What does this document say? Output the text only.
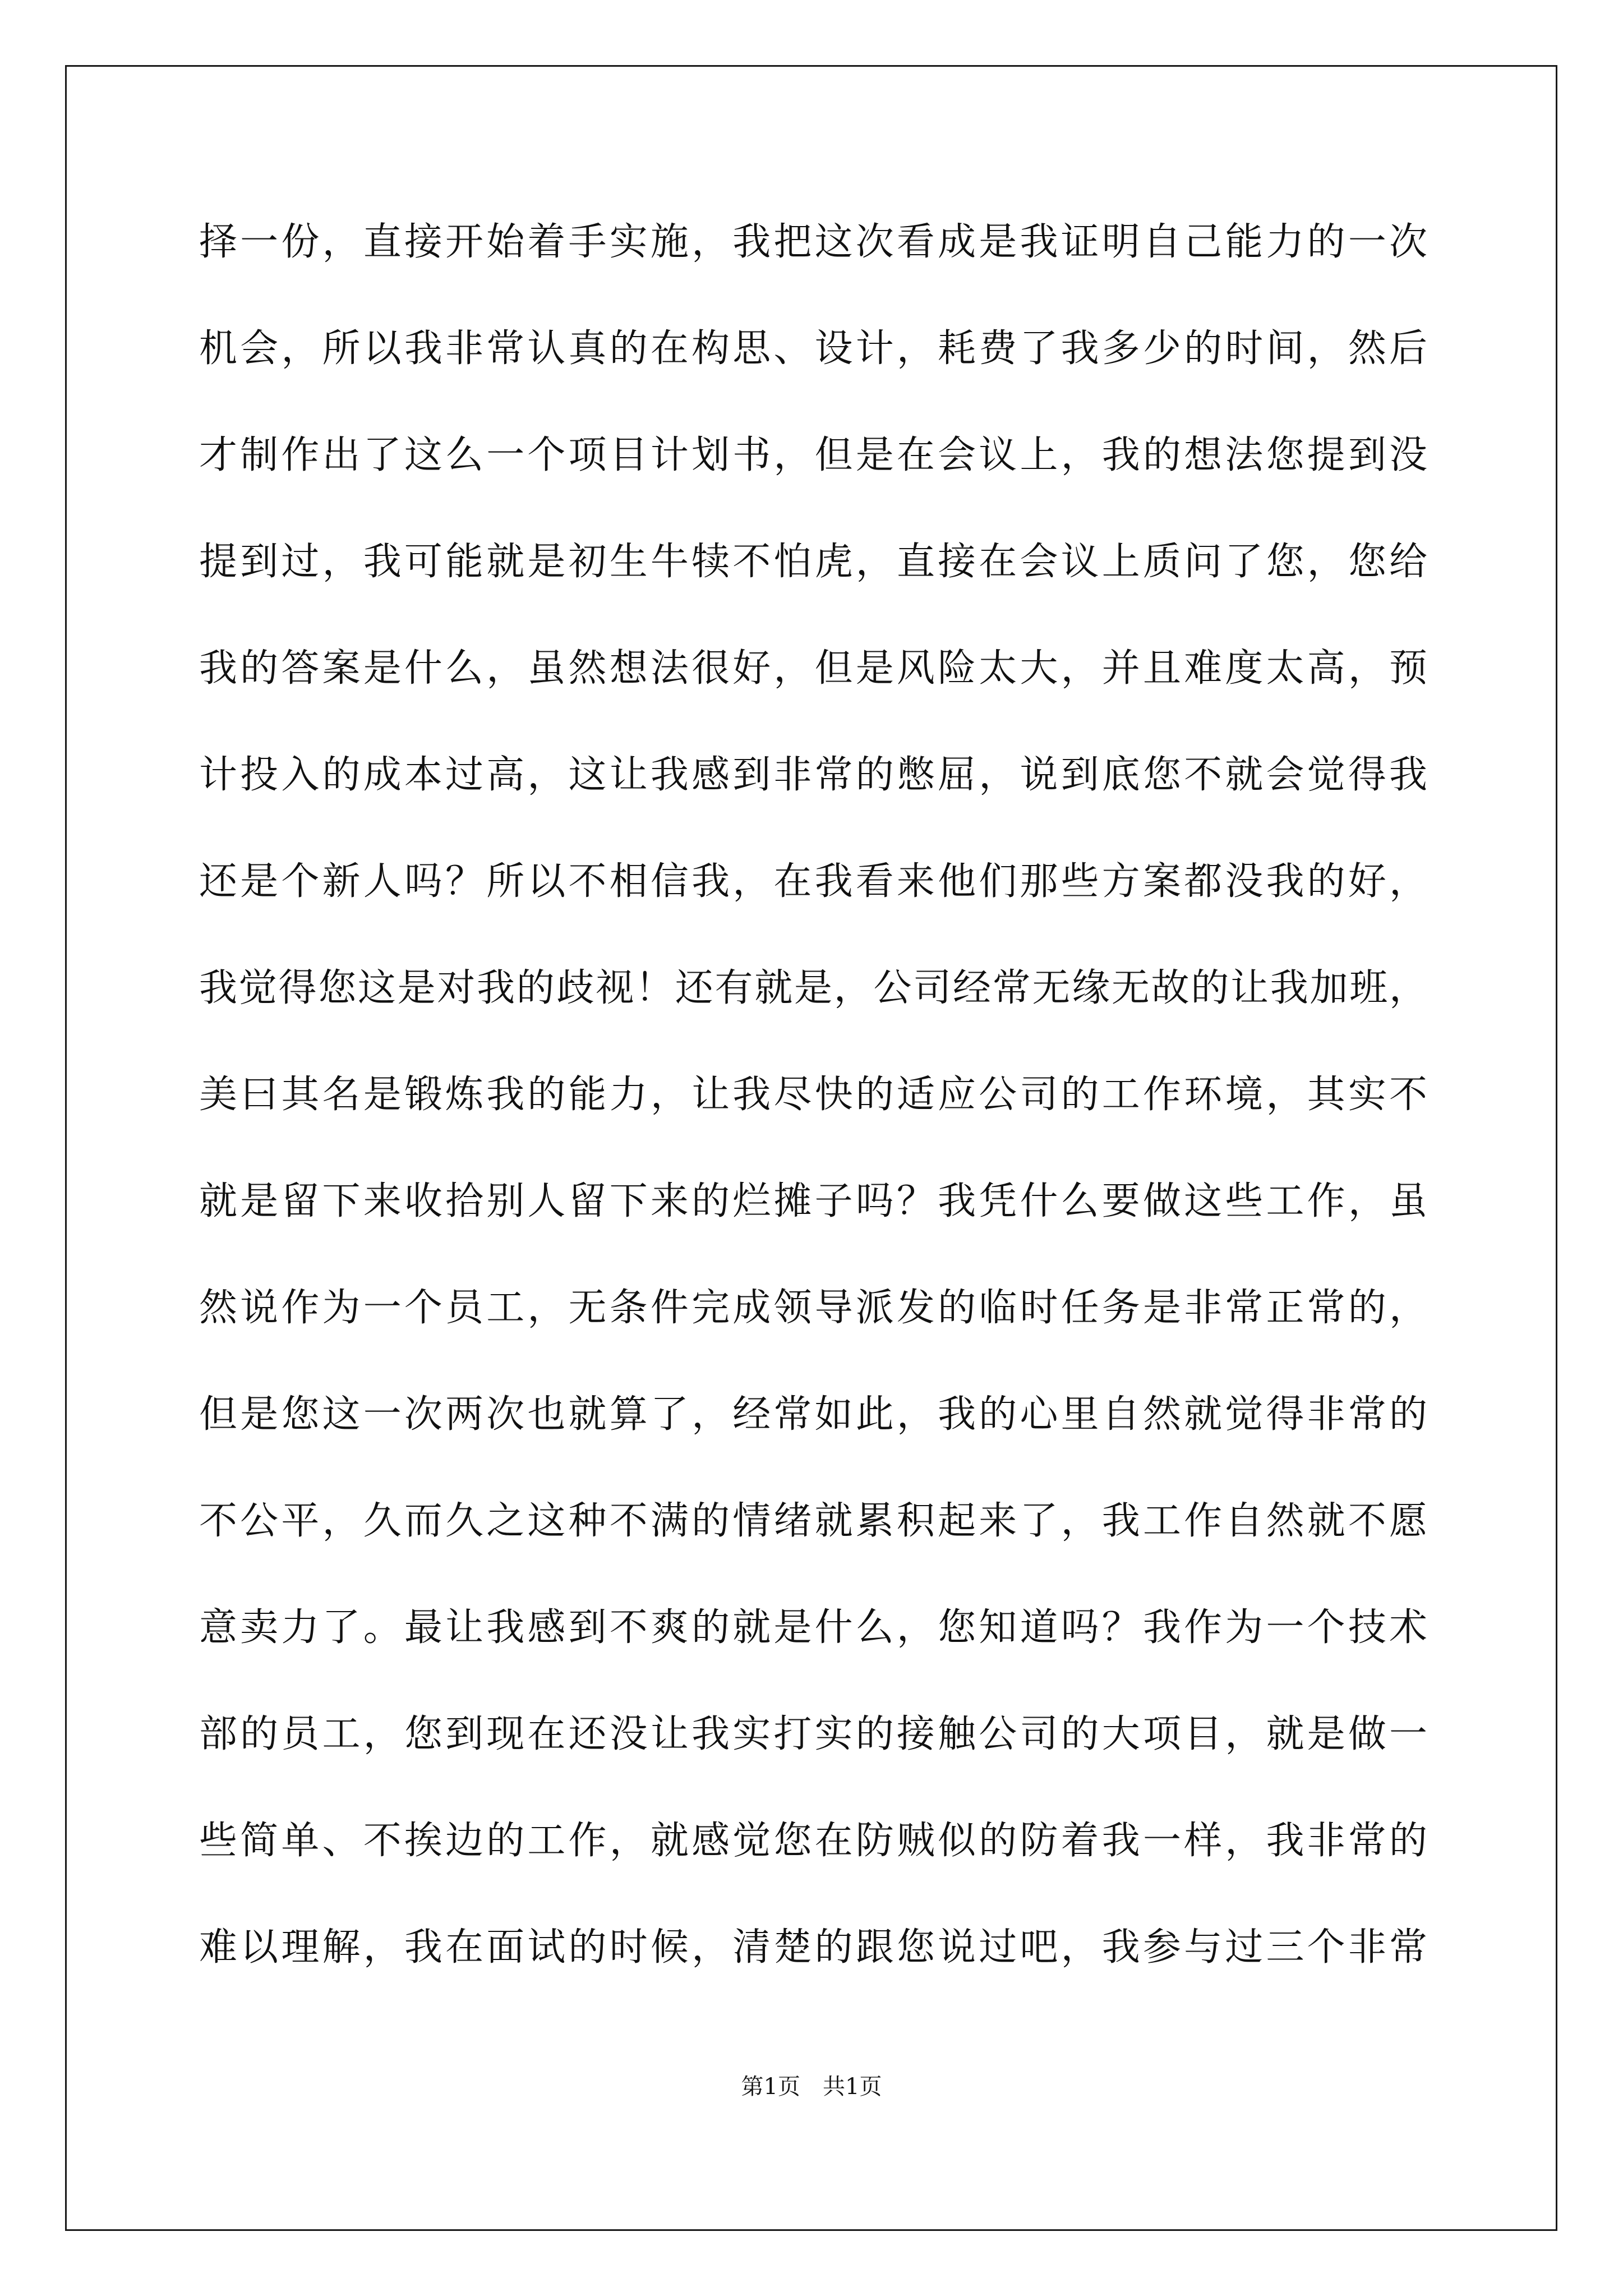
择一份，直接开始着手实施，我把这次看成是我证明自己能力的一次
机会，所以我非常认真的在构思、设计，耗费了我多少的时间，然后
才制作出了这么一个项目计划书，但是在会议上，我的想法您提到没
提到过，我可能就是初生牛犊不怕虎，直接在会议上质问了您，您给
我的答案是什么，虽然想法很好，但是风险太大，并且难度太高，预
计投入的成本过高，这让我感到非常的憋屈，说到底您不就会觉得我
还是个新人吗？所以不相信我，在我看来他们那些方案都没我的好，
我觉得您这是对我的歧视！还有就是，公司经常无缘无故的让我加班，
美曰其名是锻炼我的能力，让我尽快的适应公司的工作环境，其实不
就是留下来收拾别人留下来的烂摊子吗？我凭什么要做这些工作，虽
然说作为一个员工，无条件完成领导派发的临时任务是非常正常的，
但是您这一次两次也就算了，经常如此，我的心里自然就觉得非常的
不公平，久而久之这种不满的情绪就累积起来了，我工作自然就不愿
意卖力了。最让我感到不爽的就是什么，您知道吗？我作为一个技术
部的员工，您到现在还没让我实打实的接触公司的大项目，就是做一
些简单、不挨边的工作，就感觉您在防贼似的防着我一样，我非常的
难以理解，我在面试的时候，清楚的跟您说过吧，我参与过三个非常
第1页　共1页
